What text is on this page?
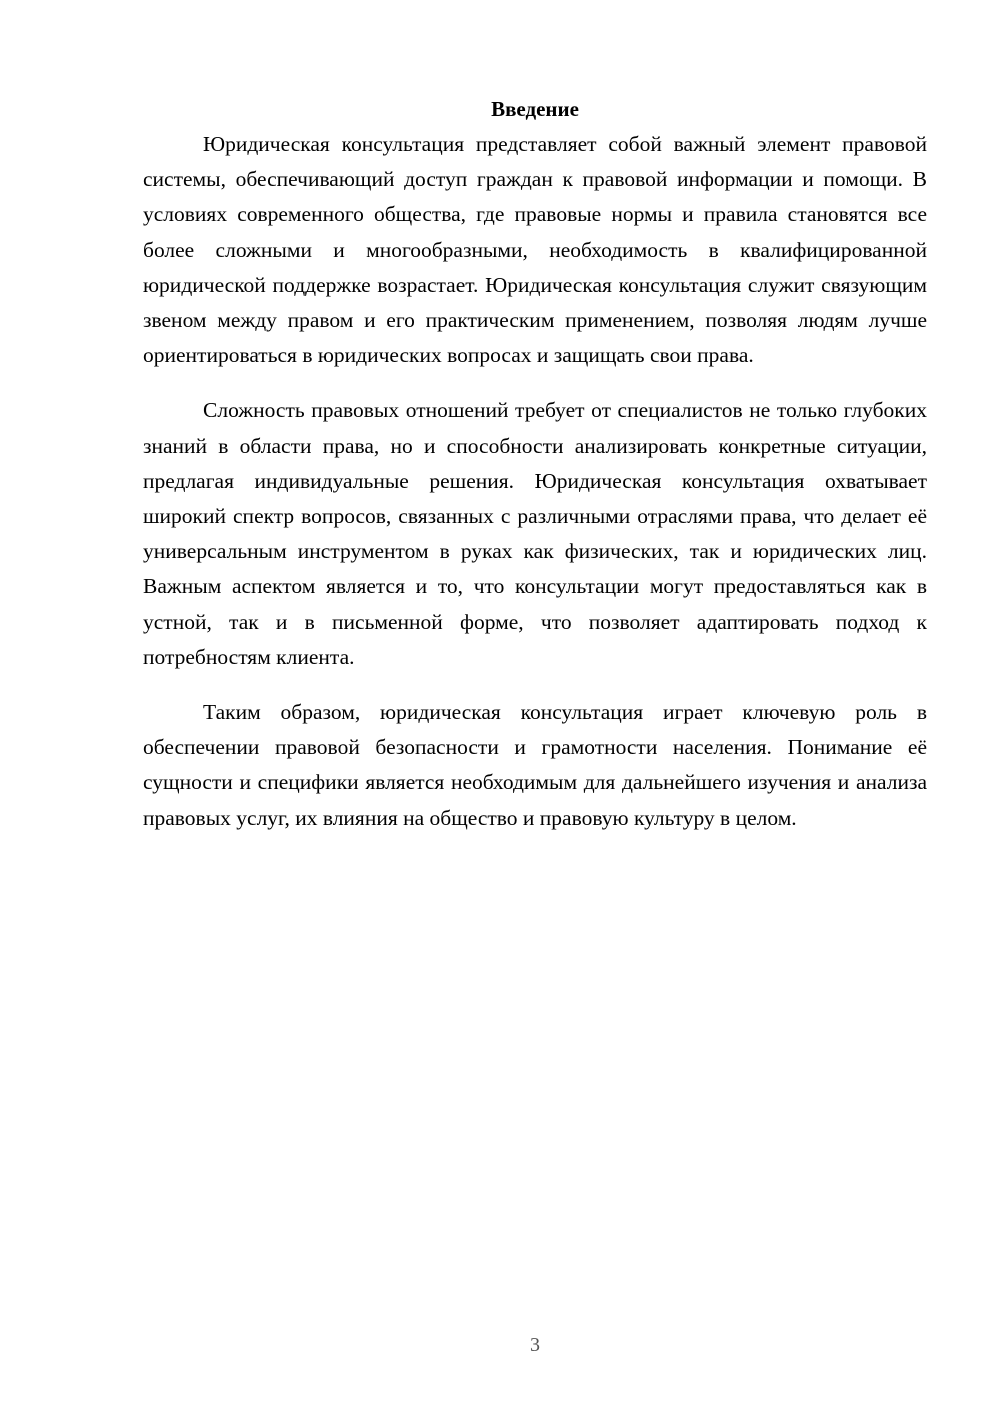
Введение

Юридическая консультация представляет собой важный элемент правовой системы, обеспечивающий доступ граждан к правовой информации и помощи. В условиях современного общества, где правовые нормы и правила становятся все более сложными и многообразными, необходимость в квалифицированной юридической поддержке возрастает. Юридическая консультация служит связующим звеном между правом и его практическим применением, позволяя людям лучше ориентироваться в юридических вопросах и защищать свои права.

Сложность правовых отношений требует от специалистов не только глубоких знаний в области права, но и способности анализировать конкретные ситуации, предлагая индивидуальные решения. Юридическая консультация охватывает широкий спектр вопросов, связанных с различными отраслями права, что делает её универсальным инструментом в руках как физических, так и юридических лиц. Важным аспектом является и то, что консультации могут предоставляться как в устной, так и в письменной форме, что позволяет адаптировать подход к потребностям клиента.

Таким образом, юридическая консультация играет ключевую роль в обеспечении правовой безопасности и грамотности населения. Понимание её сущности и специфики является необходимым для дальнейшего изучения и анализа правовых услуг, их влияния на общество и правовую культуру в целом.

3
